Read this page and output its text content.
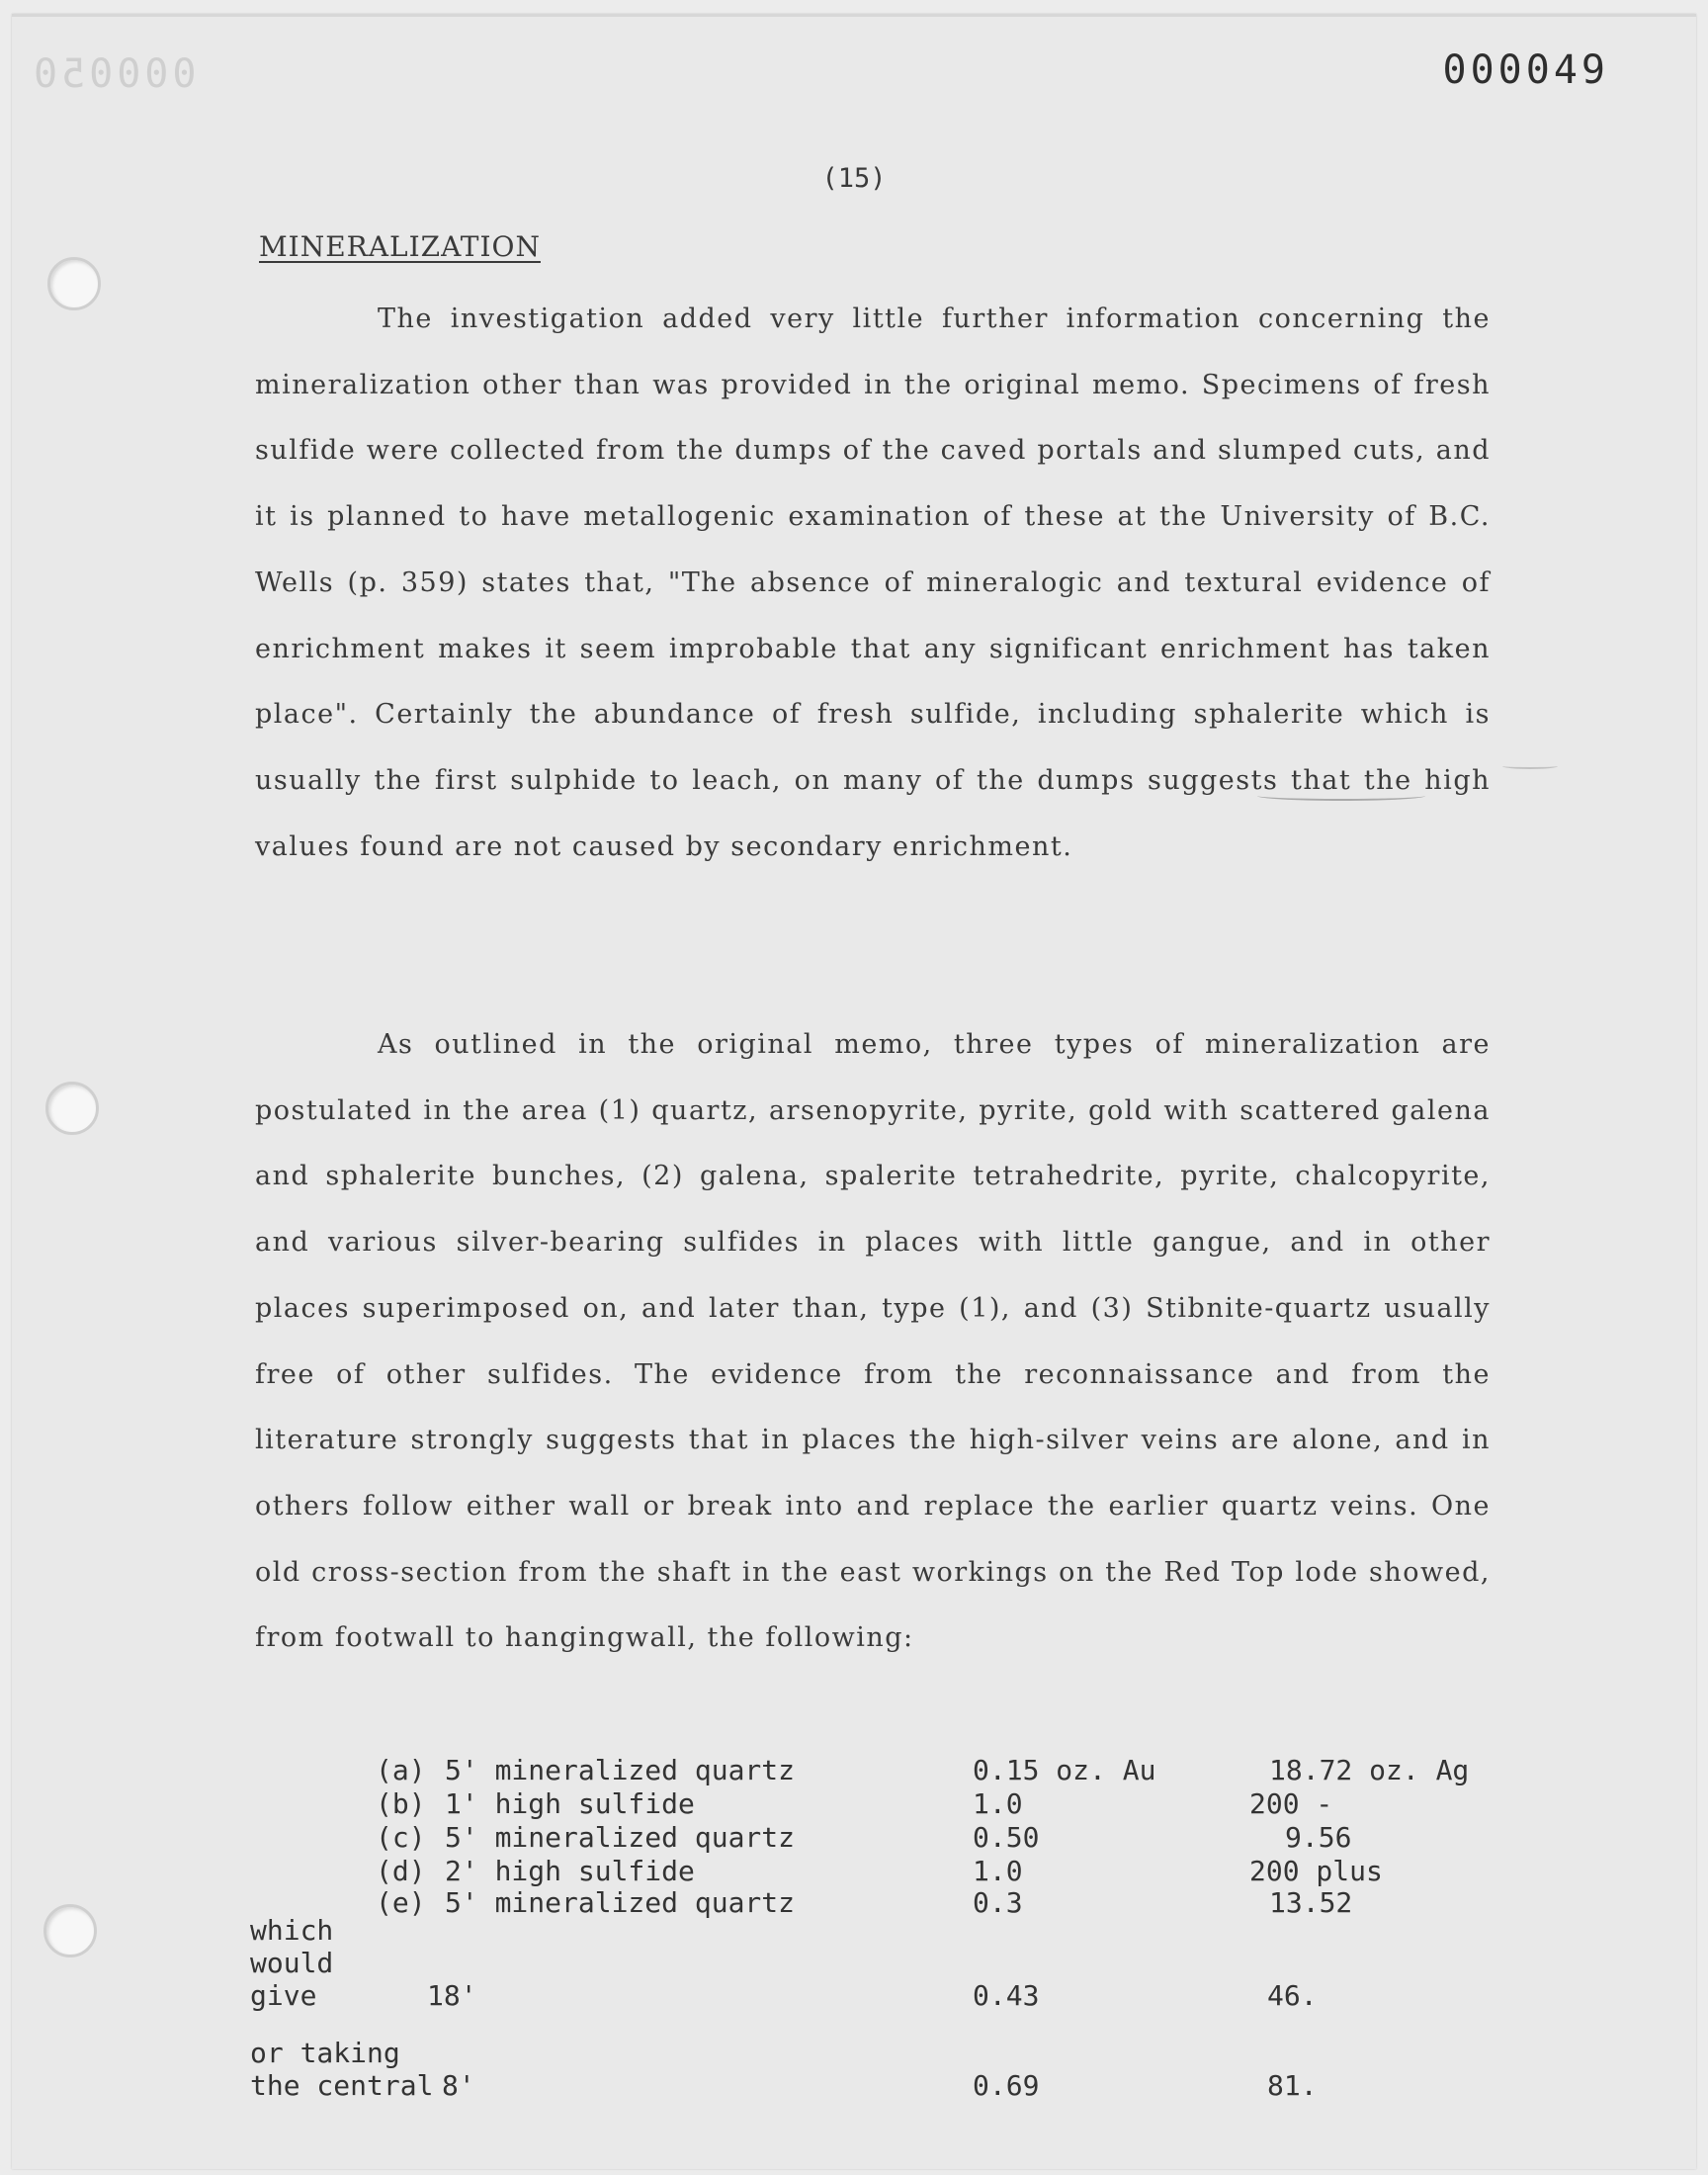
000050	000049
(15)
MINERALIZATION
The investigation added very little further information concerning the mineralization other than was provided in the original memo. Specimens of fresh sulfide were collected from the dumps of the caved portals and slumped cuts, and it is planned to have metallogenic examination of these at the University of B.C. Wells (p. 359) states that, "The absence of mineralogic and textural evidence of enrichment makes it seem improbable that any significant enrichment has taken place". Certainly the abundance of fresh sulfide, including sphalerite which is usually the first sulphide to leach, on many of the dumps suggests that the high values found are not caused by secondary enrichment.
As outlined in the original memo, three types of mineralization are postulated in the area (1) quartz, arsenopyrite, pyrite, gold with scattered galena and sphalerite bunches, (2) galena, spalerite tetrahedrite, pyrite, chalcopyrite, and various silver-bearing sulfides in places with little gangue, and in other places superimposed on, and later than, type (1), and (3) Stibnite-quartz usually free of other sulfides. The evidence from the reconnaissance and from the literature strongly suggests that in places the high-silver veins are alone, and in others follow either wall or break into and replace the earlier quartz veins. One old cross-section from the shaft in the east workings on the Red Top lode showed, from footwall to hangingwall, the following:
(a) 5' mineralized quartz	0.15 oz. Au	18.72 oz. Ag
(b) 1' high sulfide	1.0	200 -
(c) 5' mineralized quartz	0.50	9.56
(d) 2' high sulfide	1.0	200 plus
(e) 5' mineralized quartz	0.3	13.52
which
would
give	18'	0.43	46.
or taking
the central 8'	0.69	81.
